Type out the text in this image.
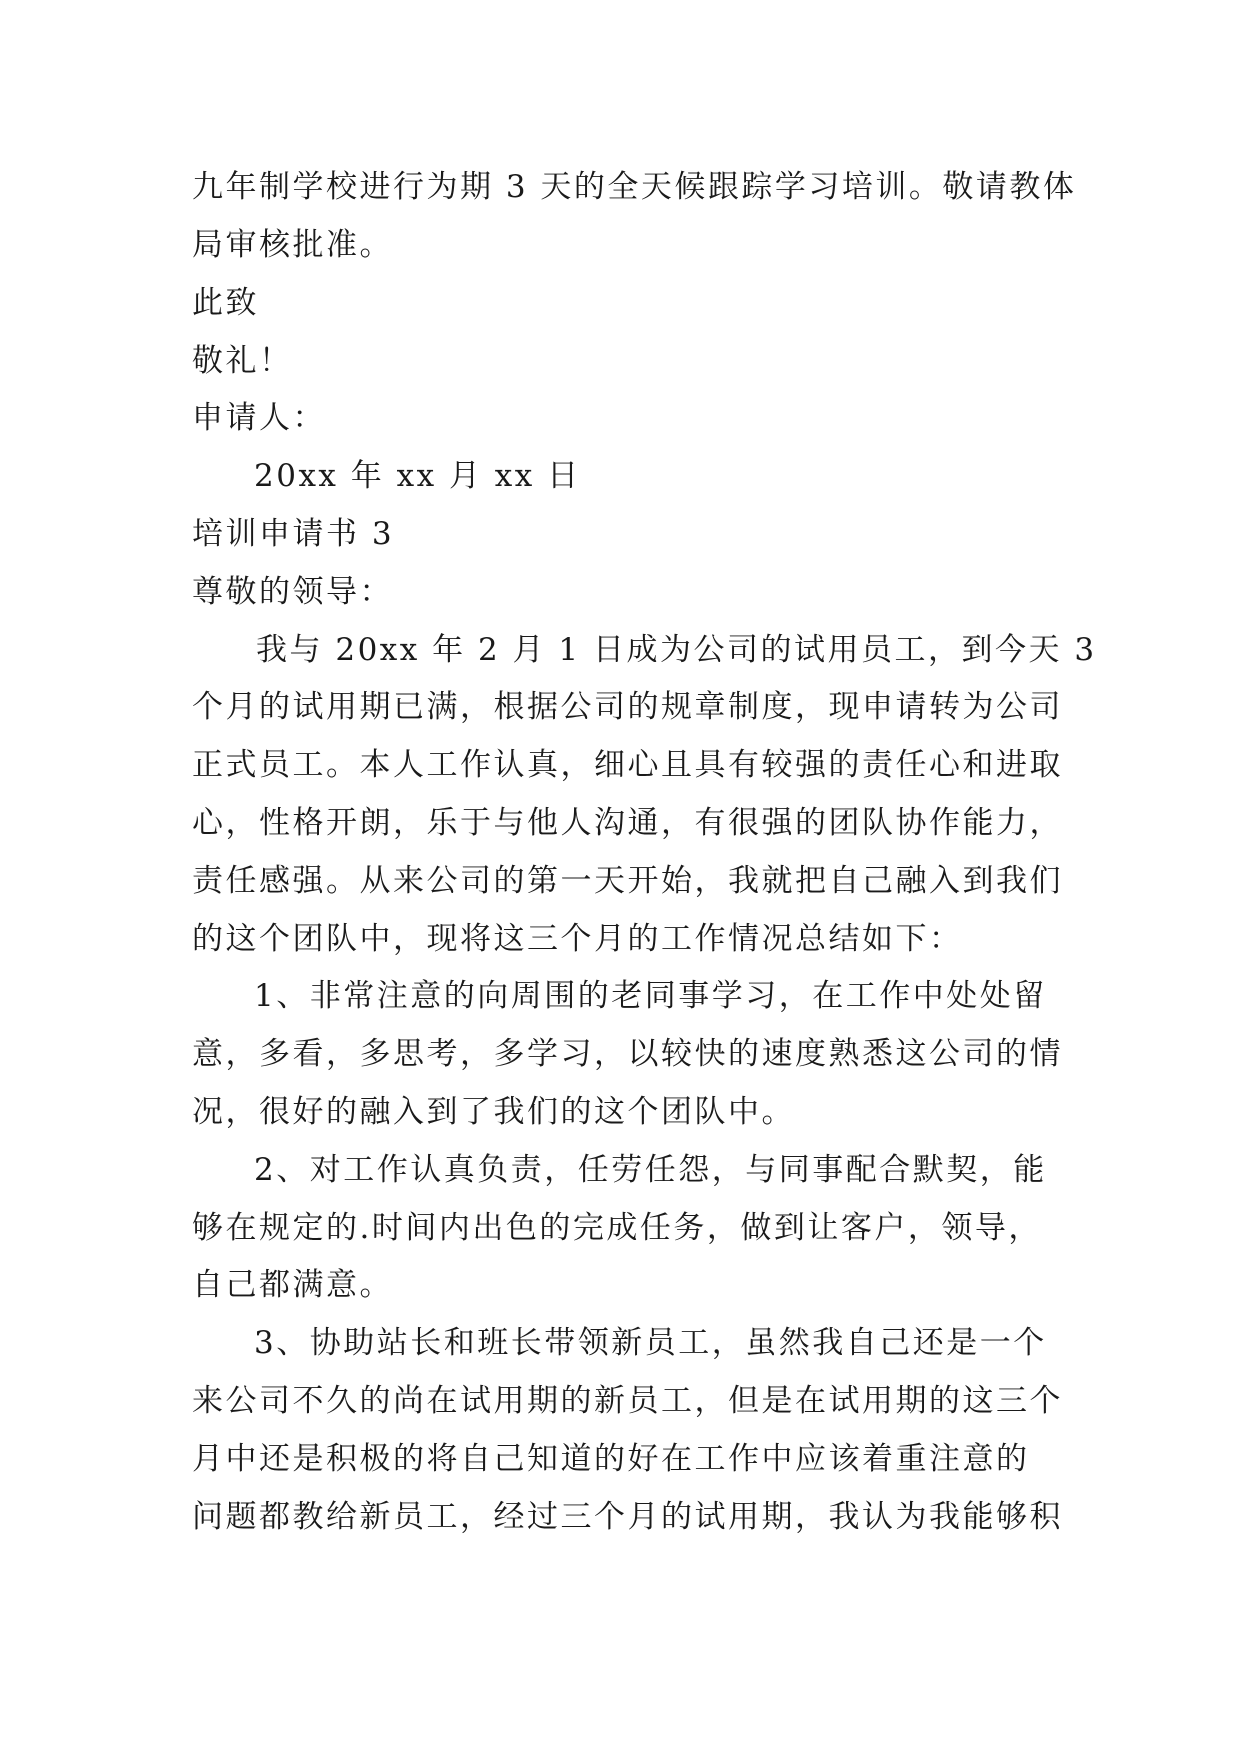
九年制学校进行为期 3 天的全天候跟踪学习培训。敬请教体

局审核批准。

此致

敬礼！

申请人：

20xx 年 xx 月 xx 日

培训申请书 3

尊敬的领导：

我与 20xx 年 2 月 1 日成为公司的试用员工，到今天 3

个月的试用期已满，根据公司的规章制度，现申请转为公司

正式员工。本人工作认真，细心且具有较强的责任心和进取

心，性格开朗，乐于与他人沟通，有很强的团队协作能力，

责任感强。从来公司的第一天开始，我就把自己融入到我们

的这个团队中，现将这三个月的工作情况总结如下：

1、非常注意的向周围的老同事学习，在工作中处处留

意，多看，多思考，多学习，以较快的速度熟悉这公司的情

况，很好的融入到了我们的这个团队中。

2、对工作认真负责，任劳任怨，与同事配合默契，能

够在规定的.时间内出色的完成任务，做到让客户，领导，

自己都满意。

3、协助站长和班长带领新员工，虽然我自己还是一个

来公司不久的尚在试用期的新员工，但是在试用期的这三个

月中还是积极的将自己知道的好在工作中应该着重注意的

问题都教给新员工，经过三个月的试用期，我认为我能够积
